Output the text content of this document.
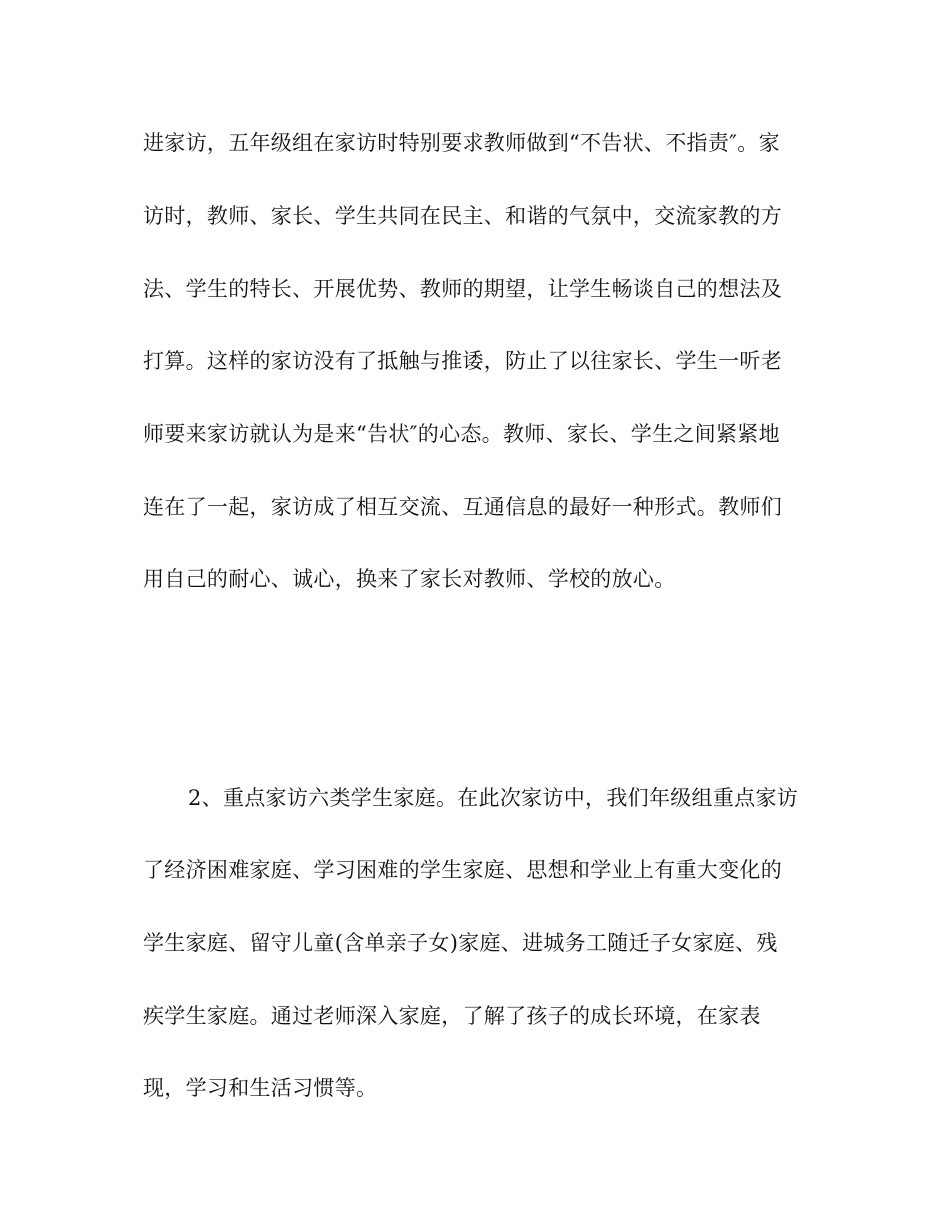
进家访，五年级组在家访时特别要求教师做到“不告状、不指责″。家
访时，教师、家长、学生共同在民主、和谐的气氛中，交流家教的方
法、学生的特长、开展优势、教师的期望，让学生畅谈自己的想法及
打算。这样的家访没有了抵触与推诿，防止了以往家长、学生一听老
师要来家访就认为是来“告状″的心态。教师、家长、学生之间紧紧地
连在了一起，家访成了相互交流、互通信息的最好一种形式。教师们
用自己的耐心、诚心，换来了家长对教师、学校的放心。
2、重点家访六类学生家庭。在此次家访中，我们年级组重点家访
了经济困难家庭、学习困难的学生家庭、思想和学业上有重大变化的
学生家庭、留守儿童(含单亲子女)家庭、进城务工随迁子女家庭、残
疾学生家庭。通过老师深入家庭，了解了孩子的成长环境，在家表
现，学习和生活习惯等。
